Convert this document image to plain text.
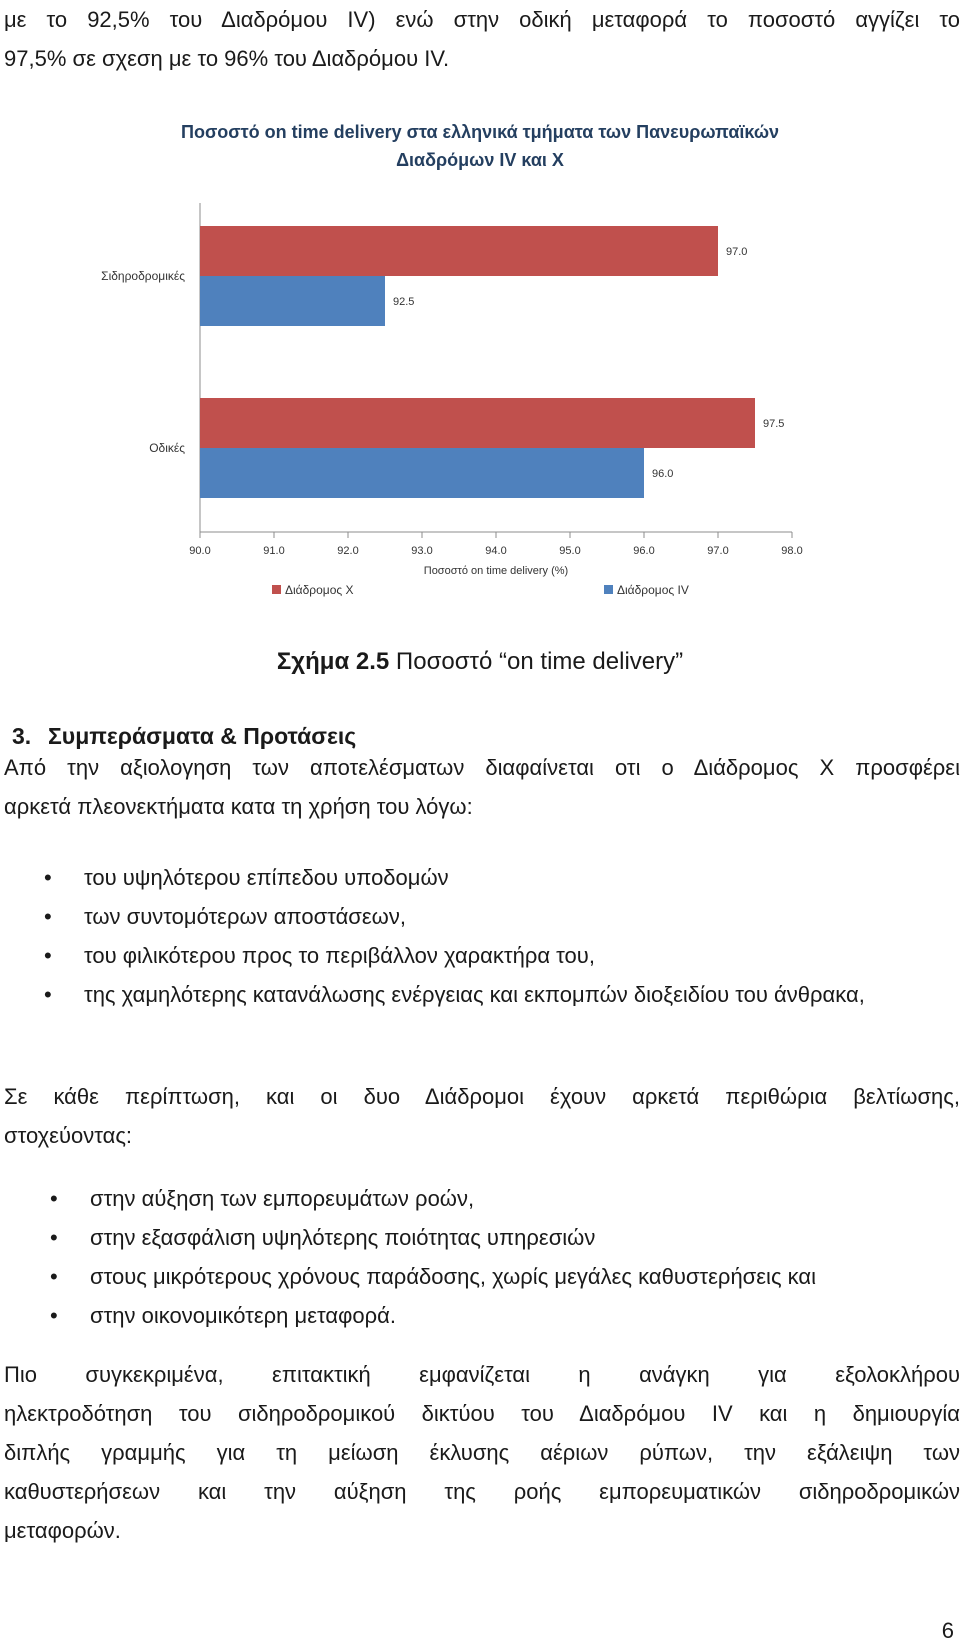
με το 92,5% του Διαδρόμου IV) ενώ στην οδική μεταφορά το ποσοστό αγγίζει το
97,5% σε σχεση με το 96% του Διαδρόμου IV.

Ποσοστό on time delivery στα ελληνικά τμήματα των Πανευρωπαϊκών
Διαδρόμων IV και X
90.0	91.0	92.0	93.0	94.0	95.0	96.0	97.0	98.0
Ποσοστό on time delivery (%)
97.0
92.5
Σιδηροδρομικές
97.5
96.0
Οδικές
Διάδρομος X	Διάδρομος IV
Σχήμα 2.5 Ποσοστό “on time delivery”
3. Συμπεράσματα & Προτάσεις

Από την αξιολογηση των αποτελέσματων διαφαίνεται οτι ο Διάδρομος Χ προσφέρει
αρκετά πλεονεκτήματα κατα τη χρήση του λόγω:

• του υψηλότερου επίπεδου υποδομών
• των συντομότερων αποστάσεων,
• του φιλικότερου προς το περιβάλλον χαρακτήρα του,
• της χαμηλότερης κατανάλωσης ενέργειας και εκπομπών διοξειδίου του άνθρακα,

Σε κάθε περίπτωση, και οι δυο Διάδρομοι έχουν αρκετά περιθώρια βελτίωσης,
στοχεύοντας:

• στην αύξηση των εμπορευμάτων ροών,
• στην εξασφάλιση υψηλότερης ποιότητας υπηρεσιών
• στους μικρότερους χρόνους παράδοσης, χωρίς μεγάλες καθυστερήσεις και
• στην οικονομικότερη μεταφορά.

Πιο συγκεκριμένα, επιτακτική εμφανίζεται η ανάγκη για εξολοκλήρου
ηλεκτροδότηση του σιδηροδρομικού δικτύου του Διαδρόμου IV και η δημιουργία
διπλής γραμμής για τη μείωση έκλυσης αέριων ρύπων, την εξάλειψη των
καθυστερήσεων και την αύξηση της ροής εμπορευματικών σιδηροδρομικών
μεταφορών.

6
